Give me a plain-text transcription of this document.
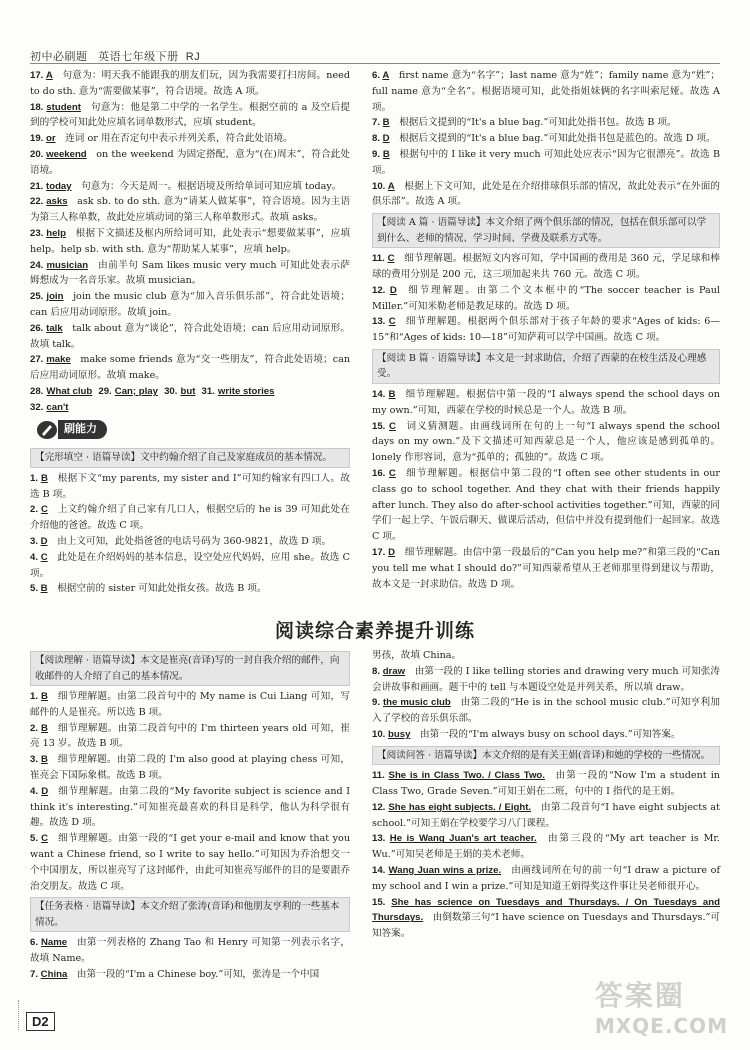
初中必刷题 英语七年级下册 RJ

17. A 句意为：明天我不能跟我的朋友们玩，因为我需要打扫房间。need to do sth. 意为“需要做某事”，符合语境。故选 A 项。

18. student 句意为：他是第二中学的一名学生。根据空前的 a 及空后提到的学校可知此处应填名词单数形式，应填 student。

19. or 连词 or 用在否定句中表示并列关系，符合此处语境。

20. weekend on the weekend 为固定搭配，意为“(在)周末”，符合此处语境。

21. today 句意为：今天是周一。根据语境及所给单词可知应填 today。

22. asks ask sb. to do sth. 意为“请某人做某事”，符合语境。因为主语为第三人称单数，故此处应填动词的第三人称单数形式。故填 asks。

23. help 根据下文描述及框内所给词可知，此处表示“想要做某事”，应填 help。help sb. with sth. 意为“帮助某人某事”，应填 help。

24. musician 由前半句 Sam likes music very much 可知此处表示萨姆想成为一名音乐家。故填 musician。

25. join join the music club 意为“加入音乐俱乐部”，符合此处语境；can 后应用动词原形。故填 join。

26. talk talk about 意为“谈论”，符合此处语境；can 后应用动词原形。故填 talk。

27. make make some friends 意为“交一些朋友”，符合此处语境；can 后应用动词原形。故填 make。

28. What club 29. Can; play 30. but 31. write stories

32. can't

刷能力
【完形填空 · 语篇导读】文中约翰介绍了自己及家庭成员的基本情况。

1. B 根据下文“my parents, my sister and I”可知约翰家有四口人。故选 B 项。

2. C 上文约翰介绍了自己家有几口人，根据空后的 he is 39 可知此处在介绍他的爸爸。故选 C 项。

3. D 由上文可知，此处指爸爸的电话号码为 360-9821，故选 D 项。

4. C 此处是在介绍妈妈的基本信息，设空处应代妈妈，应用 she。故选 C 项。

5. B 根据空前的 sister 可知此处指女孩。故选 B 项。

6. A first name 意为“名字”；last name 意为“姓”；family name 意为“姓”；full name 意为“全名”。根据语境可知，此处指姐妹俩的名字叫索尼娅。故选 A 项。

7. B 根据后文提到的“It's a blue bag.”可知此处指书包。故选 B 项。

8. D 根据后文提到的“It's a blue bag.”可知此处指书包是蓝色的。故选 D 项。

9. B 根据句中的 I like it very much 可知此处应表示“因为它很漂亮”。故选 B 项。

10. A 根据上下文可知，此处是在介绍排球俱乐部的情况，故此处表示“在外面的俱乐部”。故选 A 项。

【阅读 A 篇 · 语篇导读】本文介绍了两个俱乐部的情况，包括在俱乐部可以学到什么、老师的情况、学习时间、学费及联系方式等。

11. C 细节理解题。根据短文内容可知，学中国画的费用是 360 元，学足球和棒球的费用分别是 200 元，这三项加起来共 760 元。故选 C 项。

12. D 细节理解题。由第二个文本框中的“The soccer teacher is Paul Miller.”可知米勒老师是教足球的。故选 D 项。

13. C 细节理解题。根据两个俱乐部对于孩子年龄的要求“Ages of kids: 6—15”和“Ages of kids: 10—18”可知萨莉可以学中国画。故选 C 项。

【阅读 B 篇 · 语篇导读】本文是一封求助信，介绍了西蒙的在校生活及心理感受。

14. B 细节理解题。根据信中第一段的“I always spend the school days on my own.”可知，西蒙在学校的时候总是一个人。故选 B 项。

15. C 词义猜测题。由画线词所在句的上一句“I always spend the school days on my own.”及下文描述可知西蒙总是一个人，他应该是感到孤单的。lonely 作形容词，意为“孤单的；孤独的”。故选 C 项。

16. C 细节理解题。根据信中第二段的“I often see other students in our class go to school together. And they chat with their friends happily after lunch. They also do after-school activities together.”可知，西蒙的同学们一起上学、午饭后聊天、做课后活动，但信中并没有提到他们一起回家。故选 C 项。

17. D 细节理解题。由信中第一段最后的“Can you help me?”和第三段的“Can you tell me what I should do?”可知西蒙希望从王老师那里得到建议与帮助，故本文是一封求助信。故选 D 项。

阅读综合素养提升训练
【阅读理解 · 语篇导读】本文是崔亮(音译)写的一封自我介绍的邮件，向收邮件的人介绍了自己的基本情况。

1. B 细节理解题。由第二段首句中的 My name is Cui Liang 可知，写邮件的人是崔亮。所以选 B 项。

2. B 细节理解题。由第二段首句中的 I'm thirteen years old 可知，崔亮 13 岁。故选 B 项。

3. B 细节理解题。由第二段的 I'm also good at playing chess 可知，崔亮会下国际象棋。故选 B 项。

4. D 细节理解题。由第二段的“My favorite subject is science and I think it's interesting.”可知崔亮最喜欢的科目是科学，他认为科学很有趣。故选 D 项。

5. C 细节理解题。由第一段的“I get your e-mail and know that you want a Chinese friend, so I write to say hello.”可知因为乔治想交一个中国朋友，所以崔亮写了这封邮件，由此可知崔亮写邮件的目的是要跟乔治交朋友。故选 C 项。

【任务表格 · 语篇导读】本文介绍了张涛(音译)和他朋友亨利的一些基本情况。

6. Name 由第一列表格的 Zhang Tao 和 Henry 可知第一列表示名字，故填 Name。

7. China 由第一段的“I'm a Chinese boy.”可知，张涛是一个中国

男孩，故填 China。

8. draw 由第一段的 I like telling stories and drawing very much 可知张涛会讲故事和画画。题干中的 tell 与本题设空处是并列关系，所以填 draw。

9. the music club 由第二段的“He is in the school music club.”可知亨利加入了学校的音乐俱乐部。

10. busy 由第一段的“I'm always busy on school days.”可知答案。

【阅读问答 · 语篇导读】本文介绍的是有关王娟(音译)和她的学校的一些情况。

11. She is in Class Two. / Class Two. 由第一段的“Now I'm a student in Class Two, Grade Seven.”可知王娟在二班，句中的 I 指代的是王娟。

12. She has eight subjects. / Eight. 由第二段首句“I have eight subjects at school.”可知王娟在学校要学习八门课程。

13. He is Wang Juan's art teacher. 由第三段的“My art teacher is Mr. Wu.”可知吴老师是王娟的美术老师。

14. Wang Juan wins a prize. 由画线词所在句的前一句“I draw a picture of my school and I win a prize.”可知是知道王娟得奖这件事让吴老师很开心。

15. She has science on Tuesdays and Thursdays. / On Tuesdays and Thursdays. 由倒数第三句“I have science on Tuesdays and Thursdays.”可知答案。

D2
答案圈
MXQE.COM
